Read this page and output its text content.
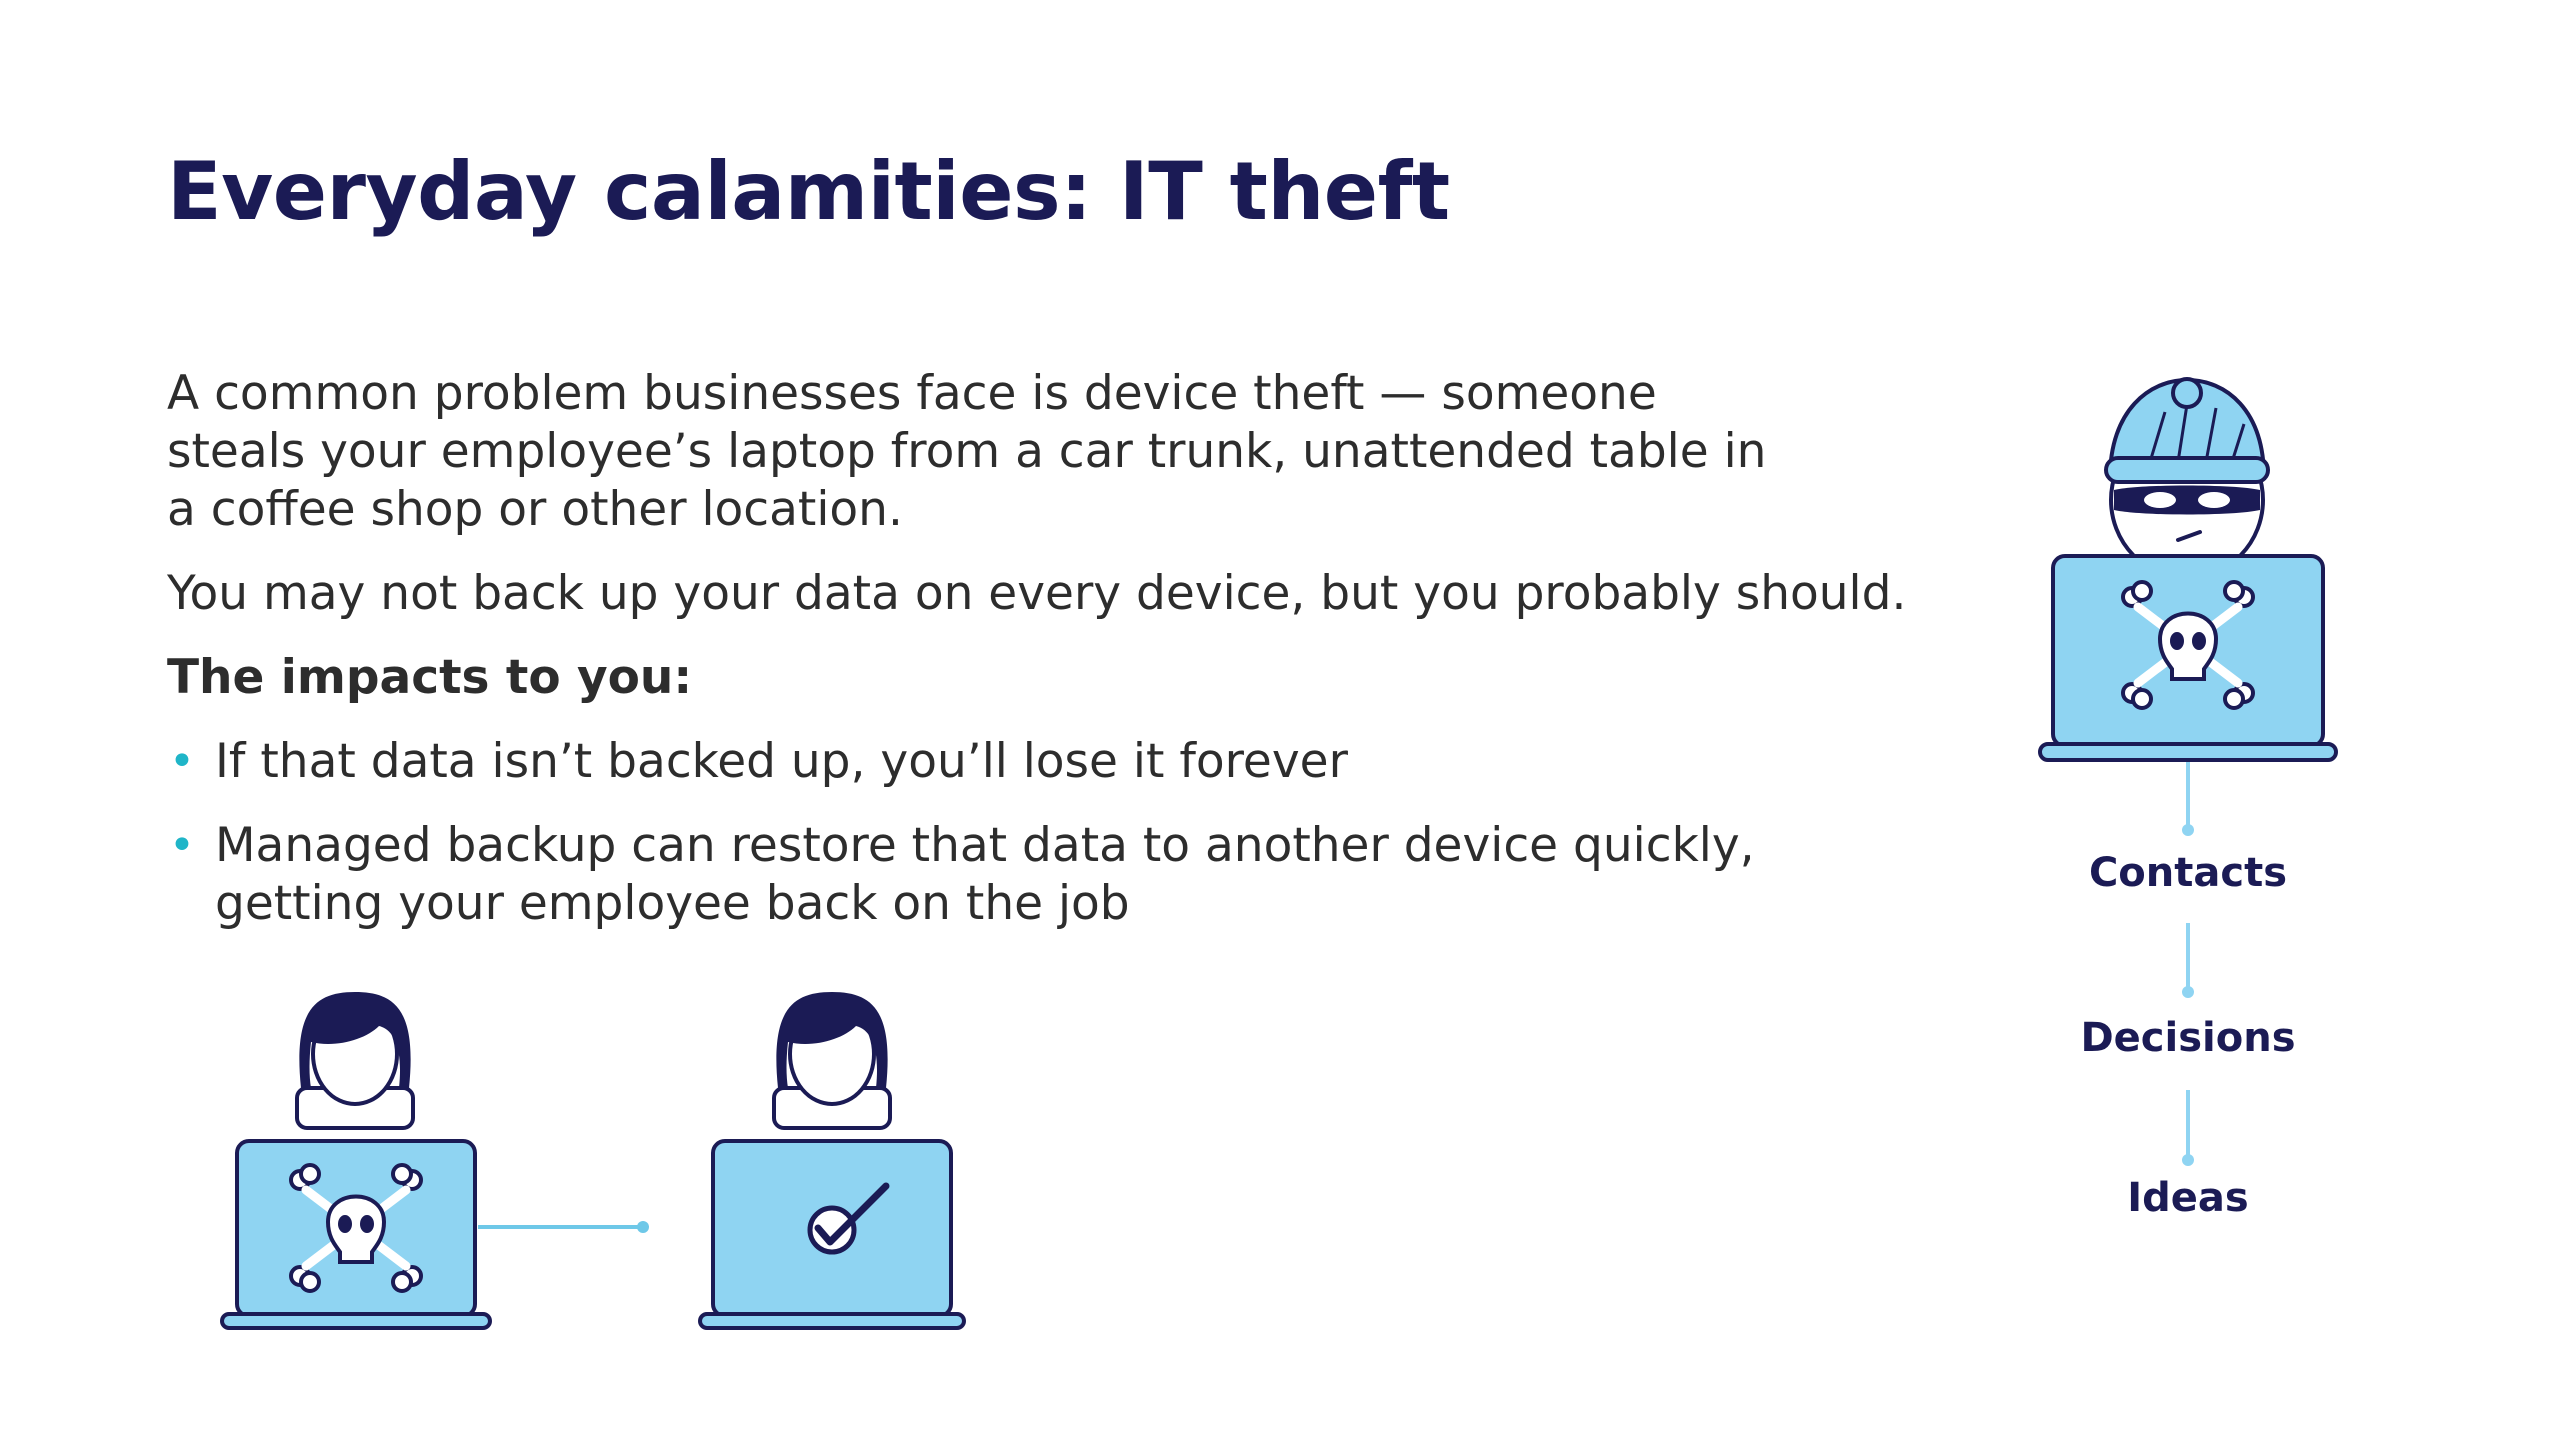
Everyday calamities: IT theft

A common problem businesses face is device theft — someone
steals your employee’s laptop from a car trunk, unattended table in
a coffee shop or other location.

You may not back up your data on every device, but you probably should.

The impacts to you:

• If that data isn’t backed up, you’ll lose it forever
• Managed backup can restore that data to another device quickly,
getting your employee back on the job
Contacts
Decisions
Ideas
